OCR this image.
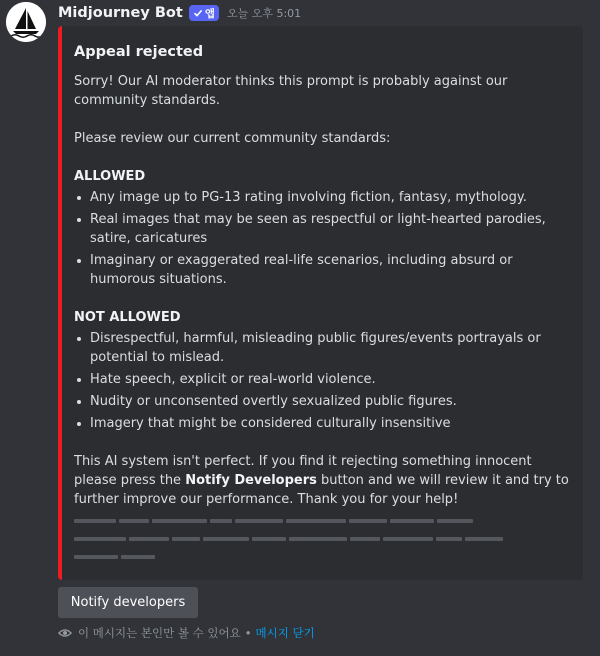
Midjourney Bot 앱 오늘 오후 5:01
Appeal rejected

Sorry! Our AI moderator thinks this prompt is probably against our community standards.

Please review our current community standards:

ALLOWED

Any image up to PG-13 rating involving fiction, fantasy, mythology.
Real images that may be seen as respectful or light-hearted parodies, satire, caricatures
Imaginary or exaggerated real-life scenarios, including absurd or humorous situations.

NOT ALLOWED

Disrespectful, harmful, misleading public figures/events portrayals or potential to mislead.
Hate speech, explicit or real-world violence.
Nudity or unconsented overtly sexualized public figures.
Imagery that might be considered culturally insensitive

This AI system isn't perfect. If you find it rejecting something innocent please press the Notify Developers button and we will review it and try to further improve our performance. Thank you for your help!

Notify developers
이 메시지는 본인만 볼 수 있어요 • 메시지 닫기
